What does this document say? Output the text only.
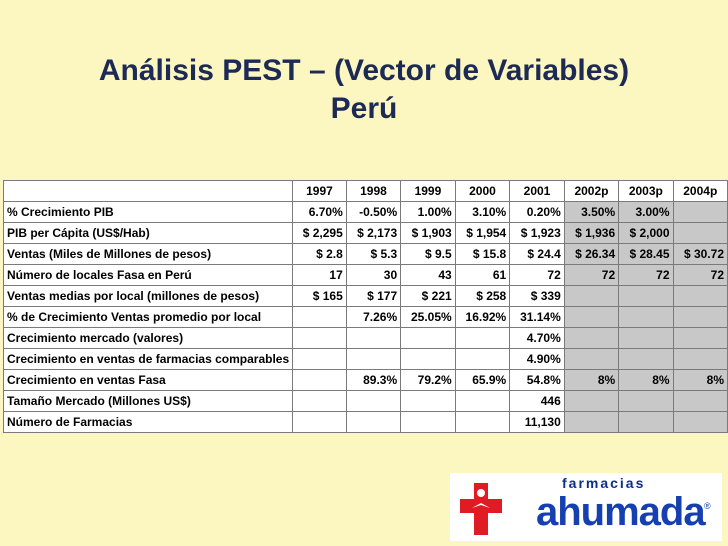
Análisis PEST – (Vector de Variables)
Perú
	1997	1998	1999	2000	2001	2002p	2003p	2004p
% Crecimiento PIB	6.70%	-0.50%	1.00%	3.10%	0.20%	3.50%	3.00%	
PIB per Cápita (US$/Hab)	$ 2,295	$ 2,173	$ 1,903	$ 1,954	$ 1,923	$ 1,936	$ 2,000	
Ventas (Miles de Millones de pesos)	$ 2.8	$ 5.3	$ 9.5	$ 15.8	$ 24.4	$ 26.34	$ 28.45	$ 30.72
Número de locales Fasa en Perú	17	30	43	61	72	72	72	72
Ventas medias por local (millones de pesos)	$ 165	$ 177	$ 221	$ 258	$ 339			
% de Crecimiento Ventas promedio por local		7.26%	25.05%	16.92%	31.14%			
Crecimiento mercado (valores)					4.70%			
Crecimiento en ventas de farmacias comparables					4.90%			
Crecimiento en ventas Fasa		89.3%	79.2%	65.9%	54.8%	8%	8%	8%
Tamaño Mercado (Millones US$)					446			
Número de Farmacias					11,130			
farmacias
ahumada ®
